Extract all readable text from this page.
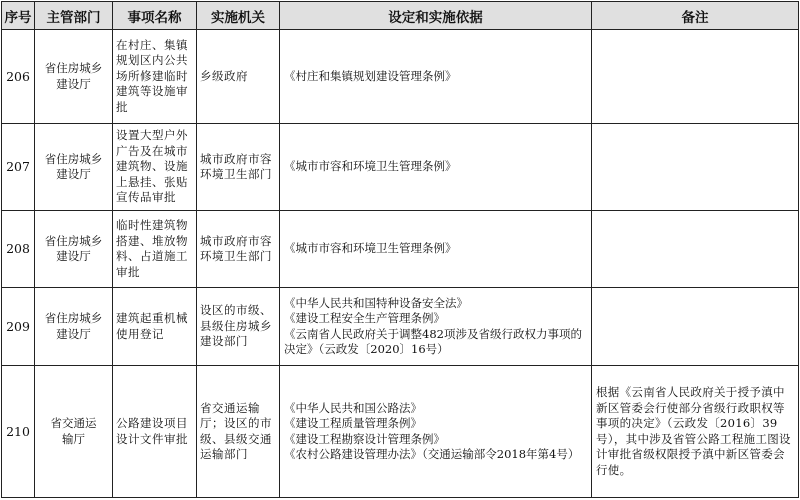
序号	主管部门	事项名称	实施机关	设定和实施依据	备注
206	省住房城乡建设厅	在村庄、集镇规划区内公共场所修建临时建筑等设施审批	乡级政府	《村庄和集镇规划建设管理条例》	

207	省住房城乡建设厅	设置大型户外广告及在城市建筑物、设施上悬挂、张贴宣传品审批	城市政府市容环境卫生部门	《城市市容和环境卫生管理条例》	

208	省住房城乡建设厅	临时性建筑物搭建、堆放物料、占道施工审批	城市政府市容环境卫生部门	《城市市容和环境卫生管理条例》	

209	省住房城乡建设厅	建筑起重机械使用登记	设区的市级、县级住房城乡建设部门	《中华人民共和国特种设备安全法》
《建设工程安全生产管理条例》
《云南省人民政府关于调整482项涉及省级行政权力事项的决定》（云政发〔2020〕16号）	

210	省交通运输厅	公路建设项目设计文件审批	省交通运输厅；设区的市级、县级交通运输部门	《中华人民共和国公路法》
《建设工程质量管理条例》
《建设工程勘察设计管理条例》
《农村公路建设管理办法》（交通运输部令2018年第4号）	根据《云南省人民政府关于授予滇中新区管委会行使部分省级行政职权等事项的决定》（云政发〔2016〕39号），其中涉及省管公路工程施工图设计审批省级权限授予滇中新区管委会行使。
